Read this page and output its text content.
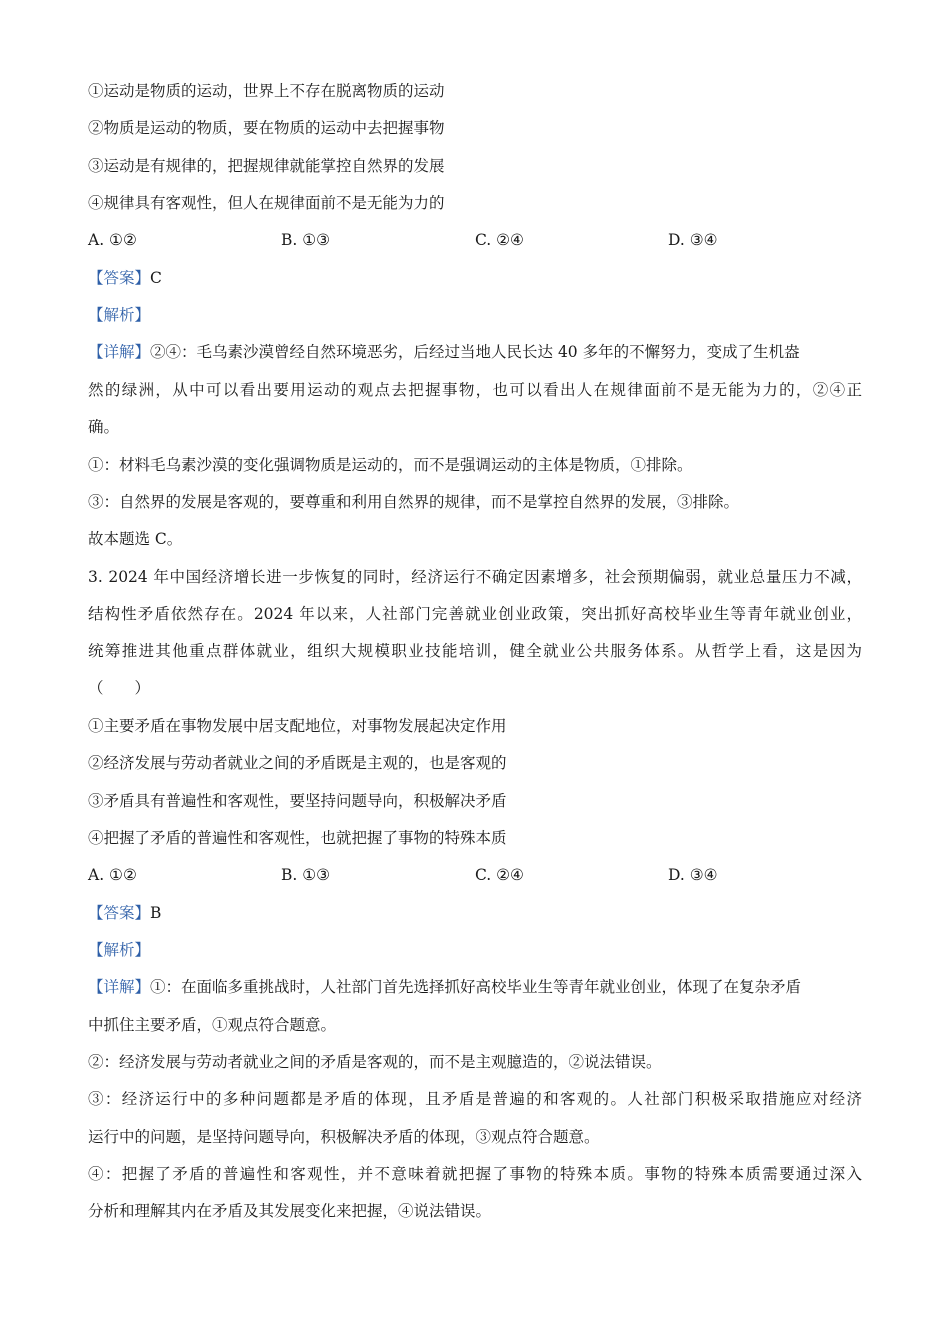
①运动是物质的运动，世界上不存在脱离物质的运动
②物质是运动的物质，要在物质的运动中去把握事物
③运动是有规律的，把握规律就能掌控自然界的发展
④规律具有客观性，但人在规律面前不是无能为力的
A. ①②	B. ①③	C. ②④	D. ③④
【答案】C
【解析】
【详解】②④：毛乌素沙漠曾经自然环境恶劣，后经过当地人民长达 40 多年的不懈努力，变成了生机盎
然的绿洲，从中可以看出要用运动的观点去把握事物，也可以看出人在规律面前不是无能为力的，②④正
确。
①：材料毛乌素沙漠的变化强调物质是运动的，而不是强调运动的主体是物质，①排除。
③：自然界的发展是客观的，要尊重和利用自然界的规律，而不是掌控自然界的发展，③排除。
故本题选 C。
3. 2024 年中国经济增长进一步恢复的同时，经济运行不确定因素增多，社会预期偏弱，就业总量压力不减，
结构性矛盾依然存在。2024 年以来，人社部门完善就业创业政策，突出抓好高校毕业生等青年就业创业，
统筹推进其他重点群体就业，组织大规模职业技能培训，健全就业公共服务体系。从哲学上看，这是因为
（　　）
①主要矛盾在事物发展中居支配地位，对事物发展起决定作用
②经济发展与劳动者就业之间的矛盾既是主观的，也是客观的
③矛盾具有普遍性和客观性，要坚持问题导向，积极解决矛盾
④把握了矛盾的普遍性和客观性，也就把握了事物的特殊本质
A. ①②	B. ①③	C. ②④	D. ③④
【答案】B
【解析】
【详解】①：在面临多重挑战时，人社部门首先选择抓好高校毕业生等青年就业创业，体现了在复杂矛盾
中抓住主要矛盾，①观点符合题意。
②：经济发展与劳动者就业之间的矛盾是客观的，而不是主观臆造的，②说法错误。
③：经济运行中的多种问题都是矛盾的体现，且矛盾是普遍的和客观的。人社部门积极采取措施应对经济
运行中的问题，是坚持问题导向，积极解决矛盾的体现，③观点符合题意。
④：把握了矛盾的普遍性和客观性，并不意味着就把握了事物的特殊本质。事物的特殊本质需要通过深入
分析和理解其内在矛盾及其发展变化来把握，④说法错误。
